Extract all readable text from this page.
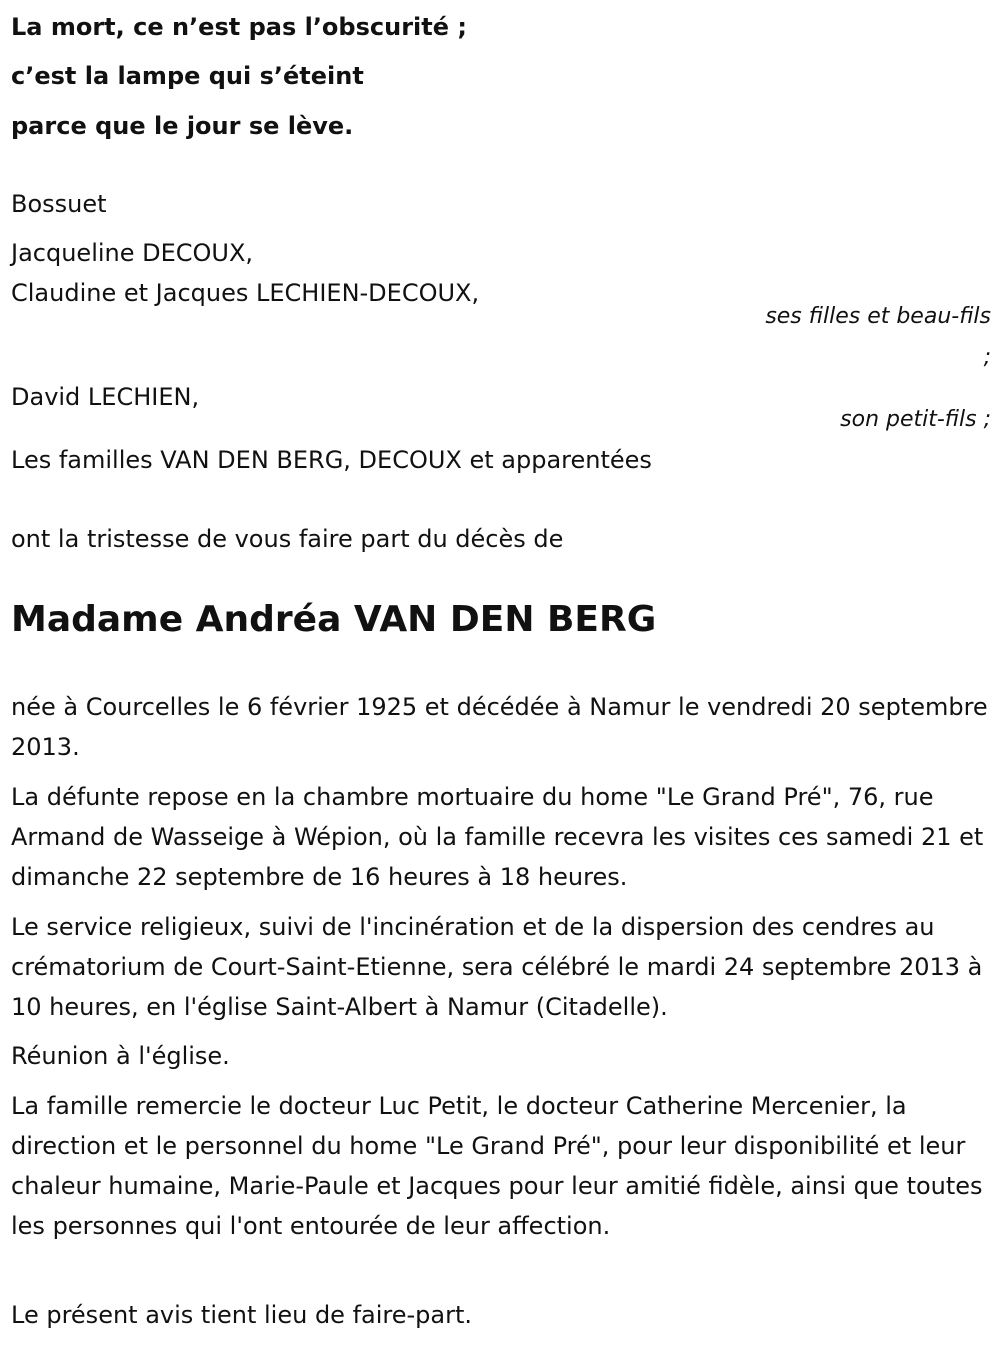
La mort, ce n’est pas l’obscurité ;
c’est la lampe qui s’éteint
parce que le jour se lève.
Bossuet
Jacqueline DECOUX,
Claudine et Jacques LECHIEN-DECOUX,
ses filles et beau-fils
;
David LECHIEN,
son petit-fils ;
Les familles VAN DEN BERG, DECOUX et apparentées
ont la tristesse de vous faire part du décès de
Madame Andréa VAN DEN BERG

née à Courcelles le 6 février 1925 et décédée à Namur le vendredi 20 septembre 2013.

La défunte repose en la chambre mortuaire du home "Le Grand Pré", 76, rue Armand de Wasseige à Wépion, où la famille recevra les visites ces samedi 21 et dimanche 22 septembre de 16 heures à 18 heures.

Le service religieux, suivi de l'incinération et de la dispersion des cendres au crématorium de Court-Saint-Etienne, sera célébré le mardi 24 septembre 2013 à 10 heures, en l'église Saint-Albert à Namur (Citadelle).

Réunion à l'église.

La famille remercie le docteur Luc Petit, le docteur Catherine Mercenier, la direction et le personnel du home "Le Grand Pré", pour leur disponibilité et leur chaleur humaine, Marie-Paule et Jacques pour leur amitié fidèle, ainsi que toutes les personnes qui l'ont entourée de leur affection.

Le présent avis tient lieu de faire-part.
